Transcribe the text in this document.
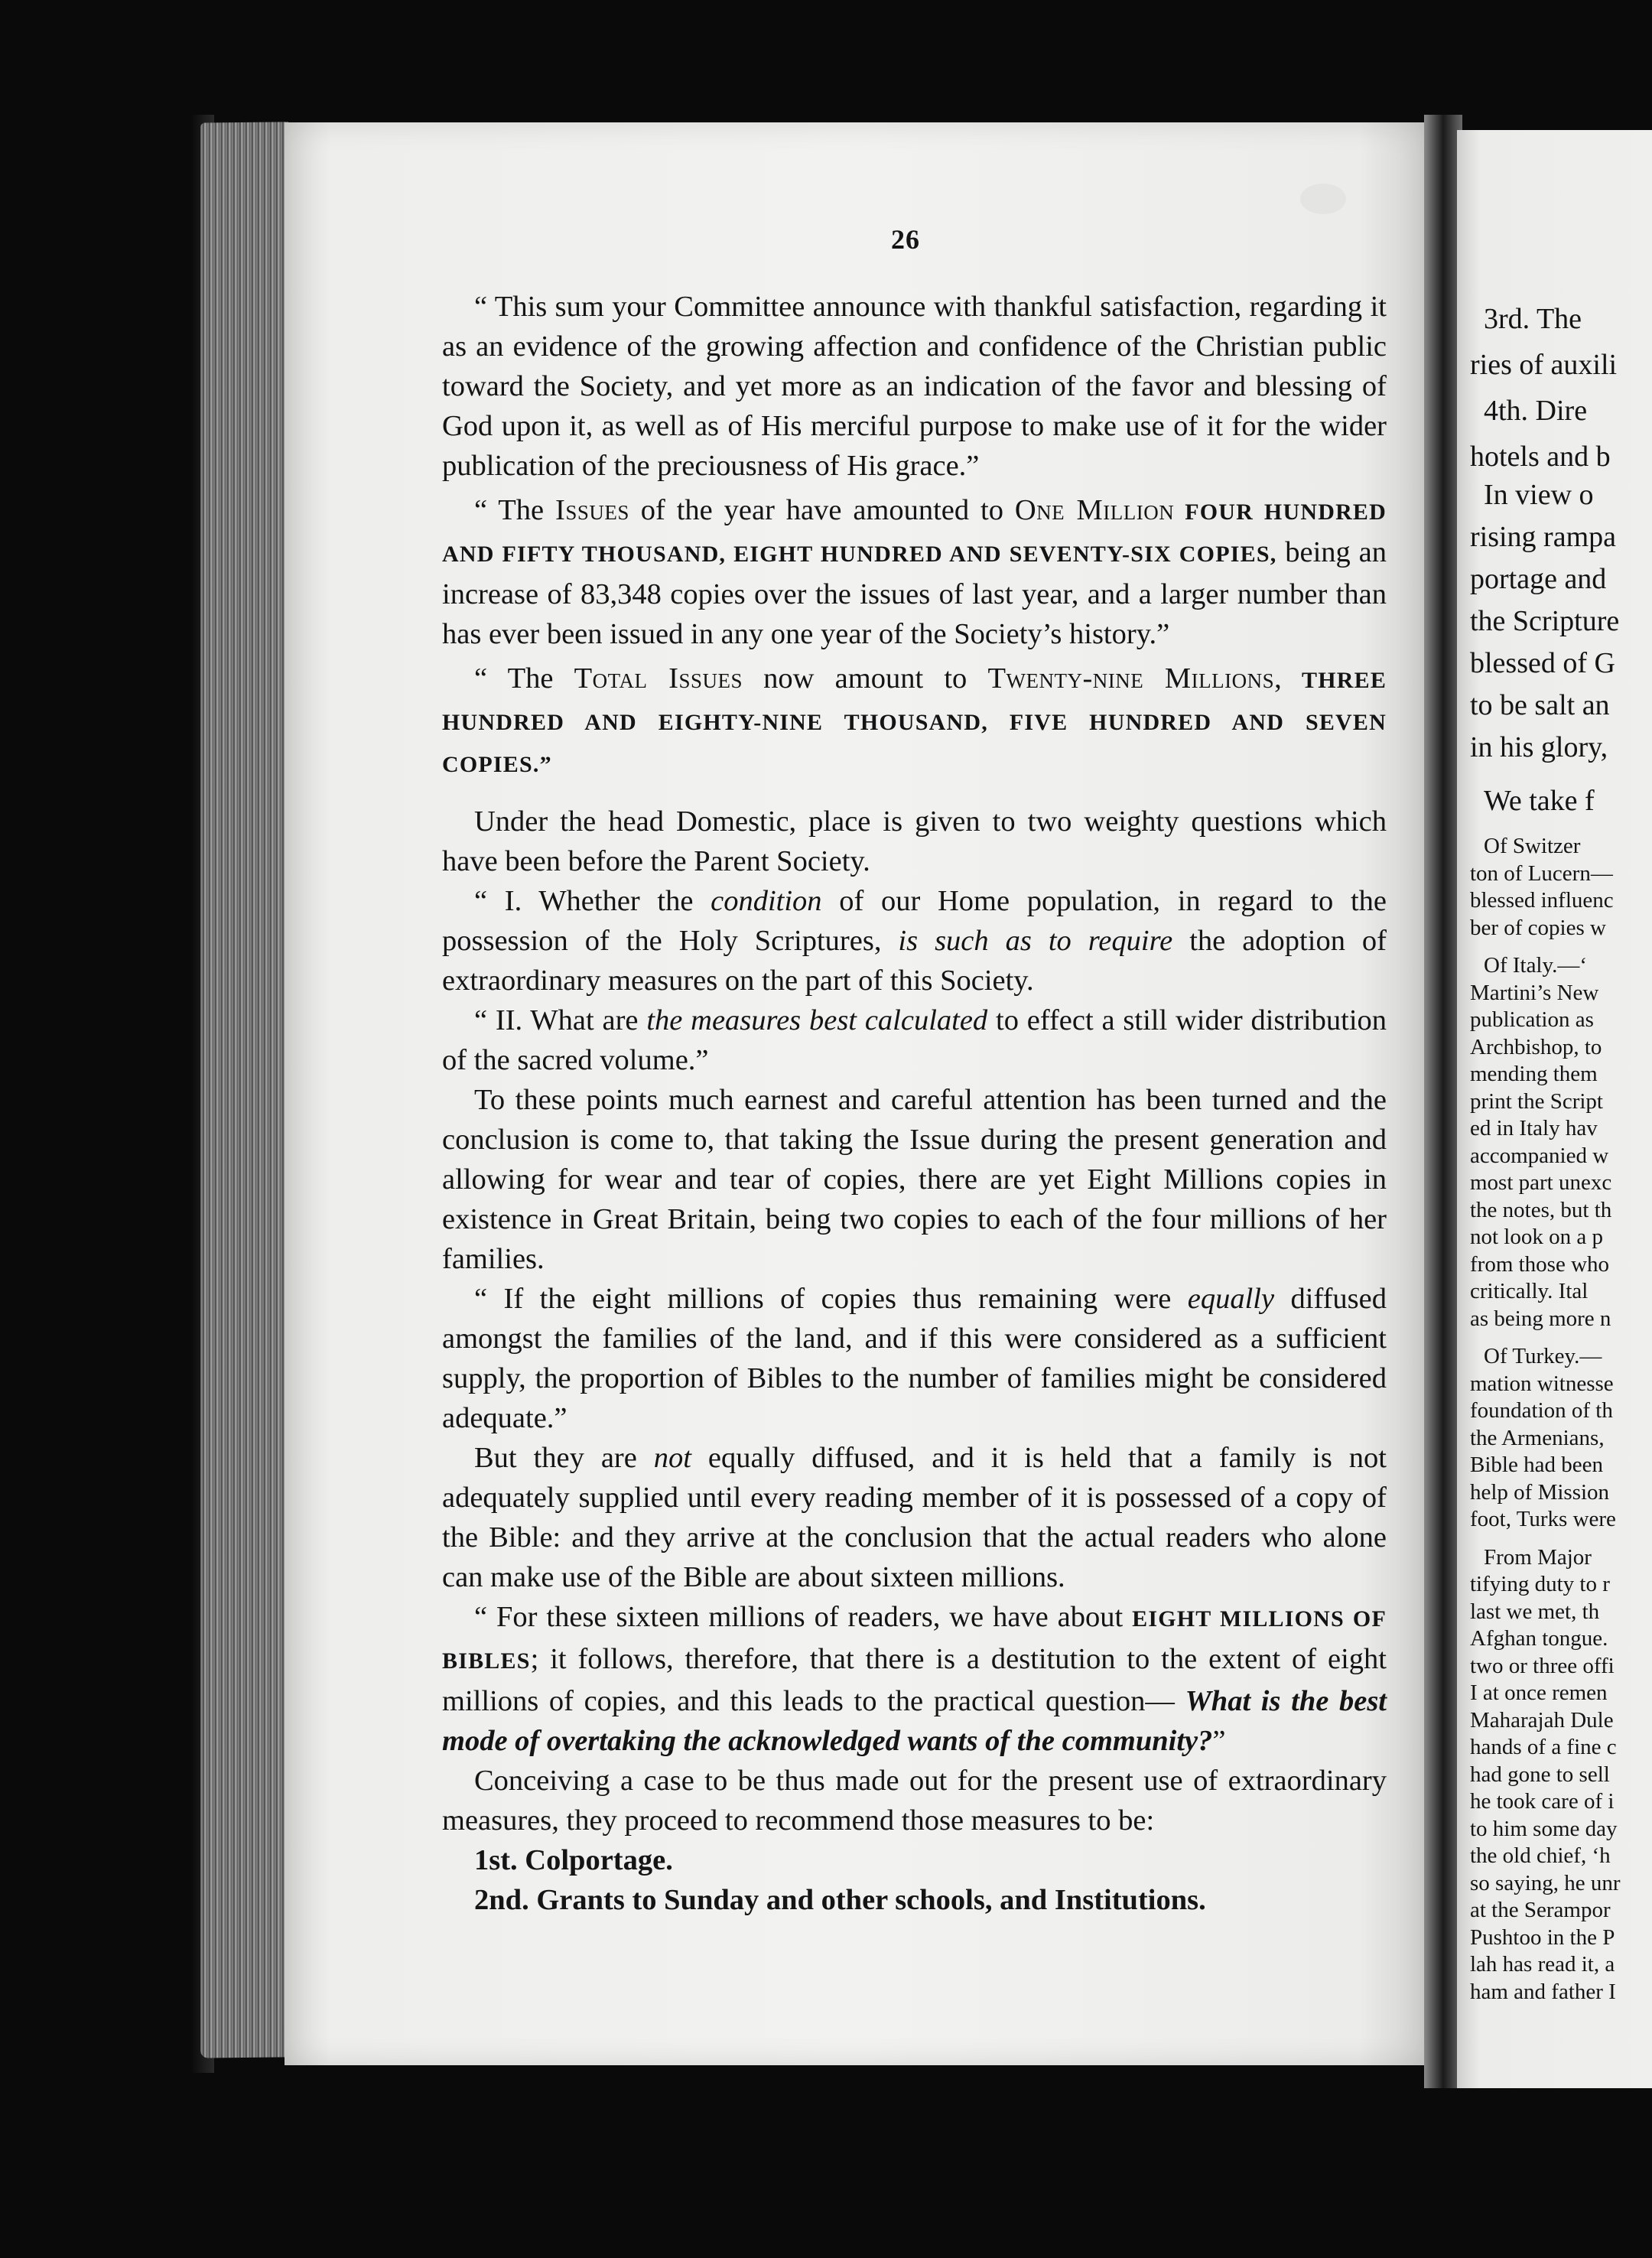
26

“ This sum your Committee announce with thankful satisfaction, regarding it as an evidence of the growing affection and confidence of the Christian public toward the Society, and yet more as an indication of the favor and blessing of God upon it, as well as of His merciful purpose to make use of it for the wider publication of the preciousness of His grace.”

“ The Issues of the year have amounted to One Million FOUR HUNDRED AND FIFTY THOUSAND, EIGHT HUNDRED AND SEVENTY-SIX COPIES, being an increase of 83,348 copies over the issues of last year, and a larger number than has ever been issued in any one year of the Society’s history.”

“ The Total Issues now amount to Twenty-nine Millions, THREE HUNDRED AND EIGHTY-NINE THOUSAND, FIVE HUNDRED AND SEVEN COPIES.”

Under the head Domestic, place is given to two weighty questions which have been before the Parent Society.

“ I. Whether the condition of our Home population, in regard to the possession of the Holy Scriptures, is such as to require the adoption of extraordinary measures on the part of this Society.

“ II. What are the measures best calculated to effect a still wider distribution of the sacred volume.”

To these points much earnest and careful attention has been turned and the conclusion is come to, that taking the Issue during the present generation and allowing for wear and tear of copies, there are yet Eight Millions copies in existence in Great Britain, being two copies to each of the four millions of her families.

“ If the eight millions of copies thus remaining were equally diffused amongst the families of the land, and if this were considered as a sufficient supply, the proportion of Bibles to the number of families might be considered adequate.”

But they are not equally diffused, and it is held that a family is not adequately supplied until every reading member of it is possessed of a copy of the Bible: and they arrive at the conclusion that the actual readers who alone can make use of the Bible are about sixteen millions.

“ For these sixteen millions of readers, we have about EIGHT MILLIONS OF BIBLES; it follows, therefore, that there is a destitution to the extent of eight millions of copies, and this leads to the practical question— What is the best mode of overtaking the acknowledged wants of the community?”

Conceiving a case to be thus made out for the present use of extraordinary measures, they proceed to recommend those measures to be:

1st. Colportage.

2nd. Grants to Sunday and other schools, and Institutions.

3rd. The
ries of auxili
4th. Dire
hotels and b
In view o
rising rampa
portage and
the Scripture
blessed of G
to be salt an
in his glory,
We take f
Of Switzer
ton of Lucern—
blessed influenc
ber of copies w
Of Italy.—‘
Martini’s New
publication as
Archbishop, to
mending them
print the Script
ed in Italy hav
accompanied w
most part unexc
the notes, but th
not look on a p
from those who
critically. Ital
as being more n
Of Turkey.—
mation witnesse
foundation of th
the Armenians,
Bible had been
help of Mission
foot, Turks were
From Major
tifying duty to r
last we met, th
Afghan tongue.
two or three offi
I at once remen
Maharajah Dule
hands of a fine c
had gone to sell
he took care of i
to him some day
the old chief, ‘h
so saying, he unr
at the Serampor
Pushtoo in the P
lah has read it, a
ham and father I
